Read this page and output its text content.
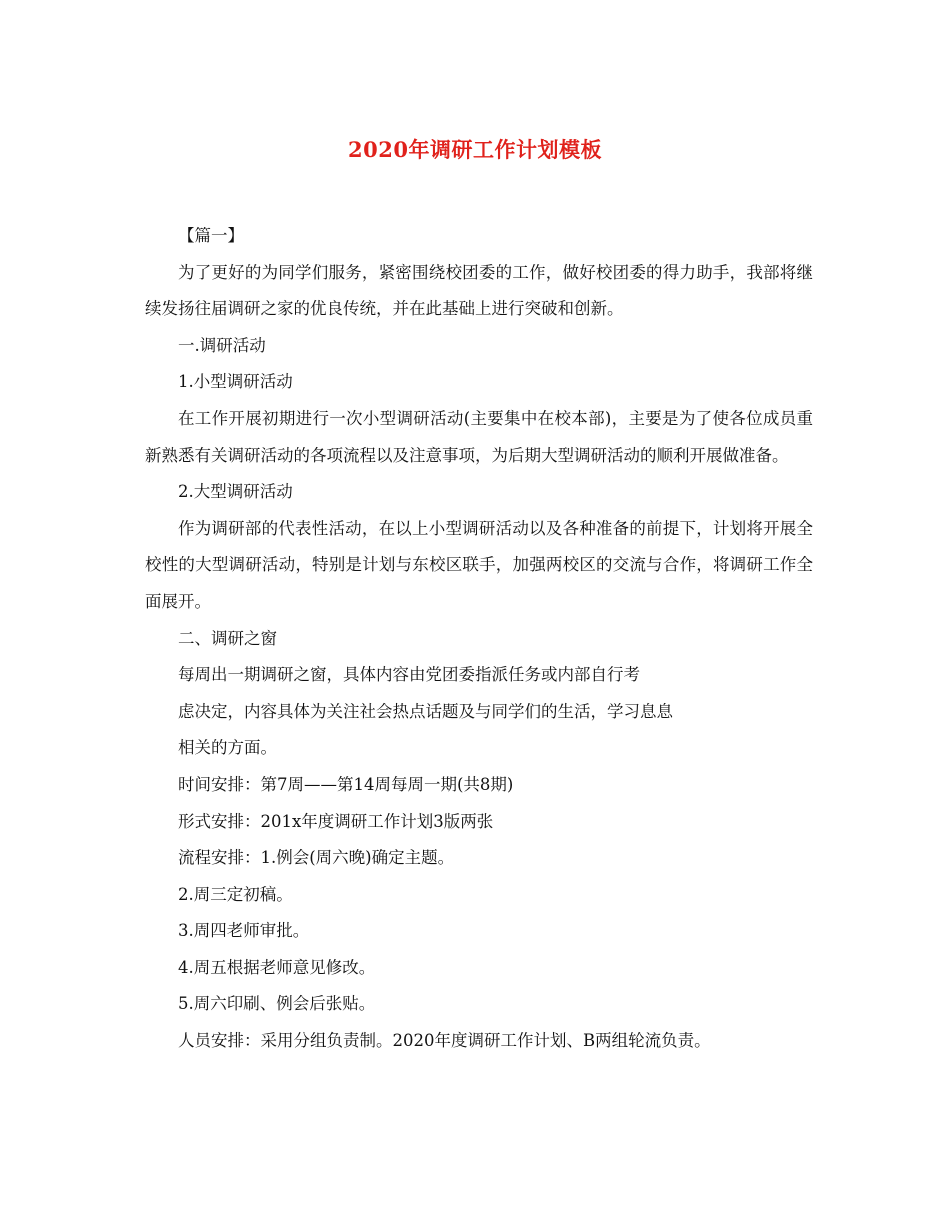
2020年调研工作计划模板

【篇一】

为了更好的为同学们服务，紧密围绕校团委的工作，做好校团委的得力助手，我部将继续发扬往届调研之家的优良传统，并在此基础上进行突破和创新。

一.调研活动

1.小型调研活动

在工作开展初期进行一次小型调研活动(主要集中在校本部)，主要是为了使各位成员重新熟悉有关调研活动的各项流程以及注意事项，为后期大型调研活动的顺利开展做准备。

2.大型调研活动

作为调研部的代表性活动，在以上小型调研活动以及各种准备的前提下，计划将开展全校性的大型调研活动，特别是计划与东校区联手，加强两校区的交流与合作，将调研工作全面展开。

二、调研之窗

每周出一期调研之窗，具体内容由党团委指派任务或内部自行考

虑决定，内容具体为关注社会热点话题及与同学们的生活，学习息息

相关的方面。

时间安排：第7周——第14周每周一期(共8期)

形式安排：201x年度调研工作计划3版两张

流程安排：1.例会(周六晚)确定主题。

2.周三定初稿。

3.周四老师审批。

4.周五根据老师意见修改。

5.周六印刷、例会后张贴。

人员安排：采用分组负责制。2020年度调研工作计划、B两组轮流负责。
